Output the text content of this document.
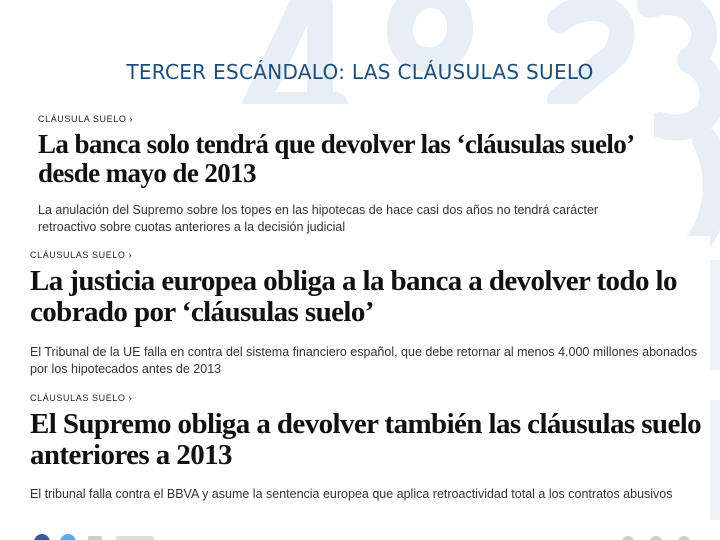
TERCER ESCÁNDALO: LAS CLÁUSULAS SUELO
CLÁUSULA SUELO ›
La banca solo tendrá que devolver las ‘cláusulas suelo’ desde mayo de 2013
La anulación del Supremo sobre los topes en las hipotecas de hace casi dos años no tendrá carácter retroactivo sobre cuotas anteriores a la decisión judicial
CLÁUSULAS SUELO ›
La justicia europea obliga a la banca a devolver todo lo cobrado por ‘cláusulas suelo’
El Tribunal de la UE falla en contra del sistema financiero español, que debe retornar al menos 4.000 millones abonados por los hipotecados antes de 2013
CLÁUSULAS SUELO ›
El Supremo obliga a devolver también las cláusulas suelo anteriores a 2013
El tribunal falla contra el BBVA y asume la sentencia europea que aplica retroactividad total a los contratos abusivos
